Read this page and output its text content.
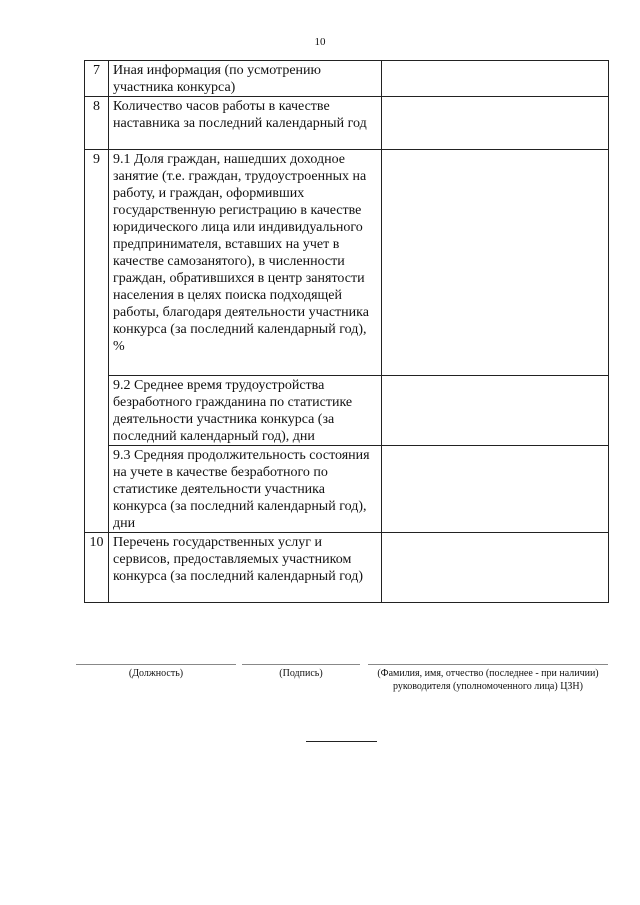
10
7	Иная информация (по усмотрению участника конкурса)	
8	Количество часов работы в качестве наставника за последний календарный год	
9	9.1 Доля граждан, нашедших доходное занятие (т.е. граждан, трудоустроенных на работу, и граждан, оформивших государственную регистрацию в качестве юридического лица или индивидуального предпринимателя, вставших на учет в качестве самозанятого), в численности граждан, обратившихся в центр занятости населения в целях поиска подходящей работы, благодаря деятельности участника конкурса (за последний календарный год), %	
	9.2 Среднее время трудоустройства безработного гражданина по статистике деятельности участника конкурса (за последний календарный год), дни	
	9.3 Средняя продолжительность состояния на учете в качестве безработного по статистике деятельности участника конкурса (за последний календарный год), дни	
10	Перечень государственных услуг и сервисов, предоставляемых участником конкурса (за последний календарный год)	
(Должность)	(Подпись)	(Фамилия, имя, отчество (последнее - при наличии)
руководителя (уполномоченного лица) ЦЗН)
